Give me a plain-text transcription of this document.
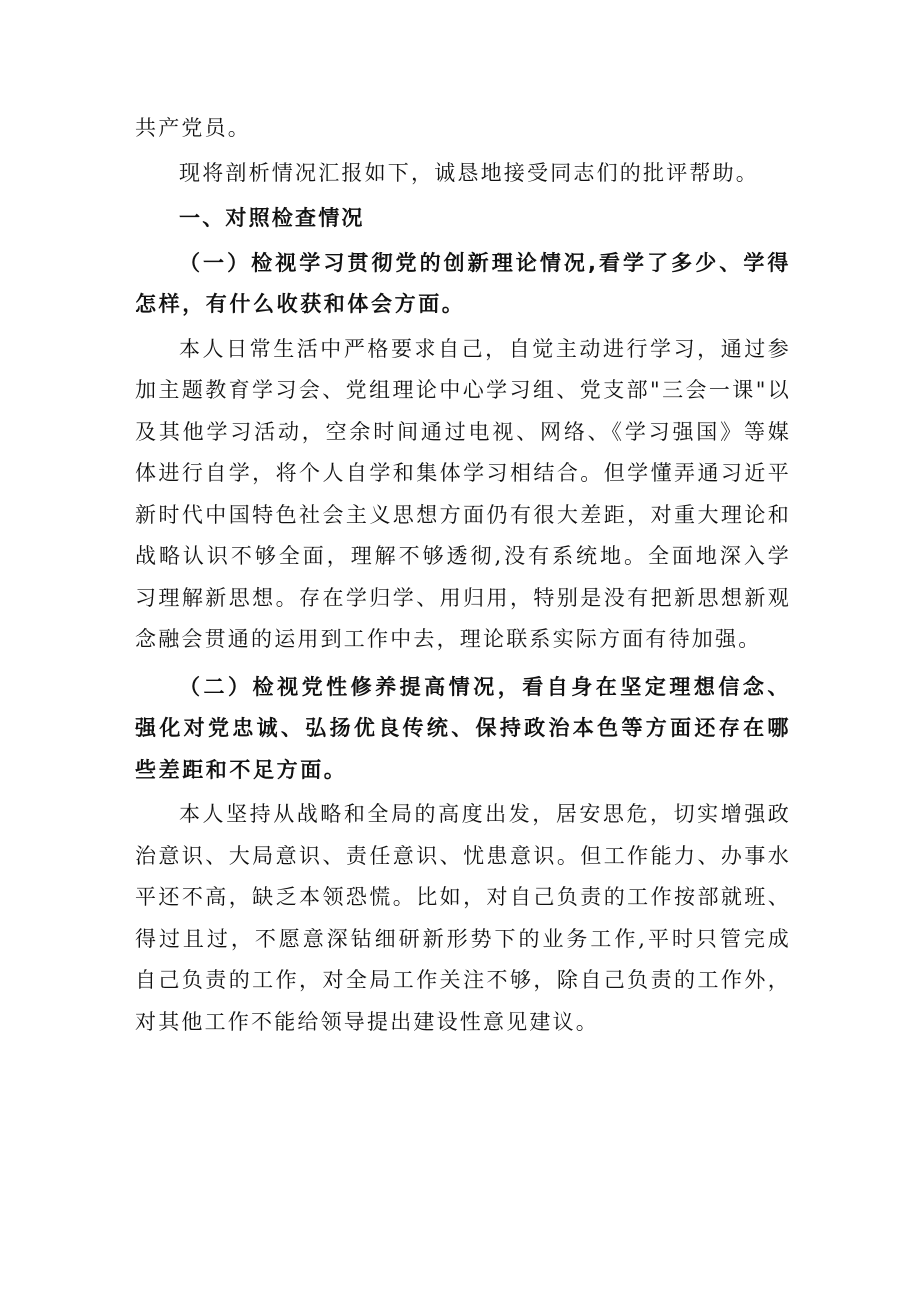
共产党员。

现将剖析情况汇报如下，诚恳地接受同志们的批评帮助。

一、对照检查情况

（一）检视学习贯彻党的创新理论情况,看学了多少、学得怎样，有什么收获和体会方面。

本人日常生活中严格要求自己，自觉主动进行学习，通过参加主题教育学习会、党组理论中心学习组、党支部"三会一课"以及其他学习活动，空余时间通过电视、网络、《学习强国》等媒体进行自学，将个人自学和集体学习相结合。但学懂弄通习近平新时代中国特色社会主义思想方面仍有很大差距，对重大理论和战略认识不够全面，理解不够透彻,没有系统地。全面地深入学习理解新思想。存在学归学、用归用，特别是没有把新思想新观念融会贯通的运用到工作中去，理论联系实际方面有待加强。

（二）检视党性修养提高情况，看自身在坚定理想信念、强化对党忠诚、弘扬优良传统、保持政治本色等方面还存在哪些差距和不足方面。

本人坚持从战略和全局的高度出发，居安思危，切实增强政治意识、大局意识、责任意识、忧患意识。但工作能力、办事水平还不高，缺乏本领恐慌。比如，对自己负责的工作按部就班、得过且过，不愿意深钻细研新形势下的业务工作,平时只管完成自己负责的工作，对全局工作关注不够，除自己负责的工作外，对其他工作不能给领导提出建设性意见建议。
